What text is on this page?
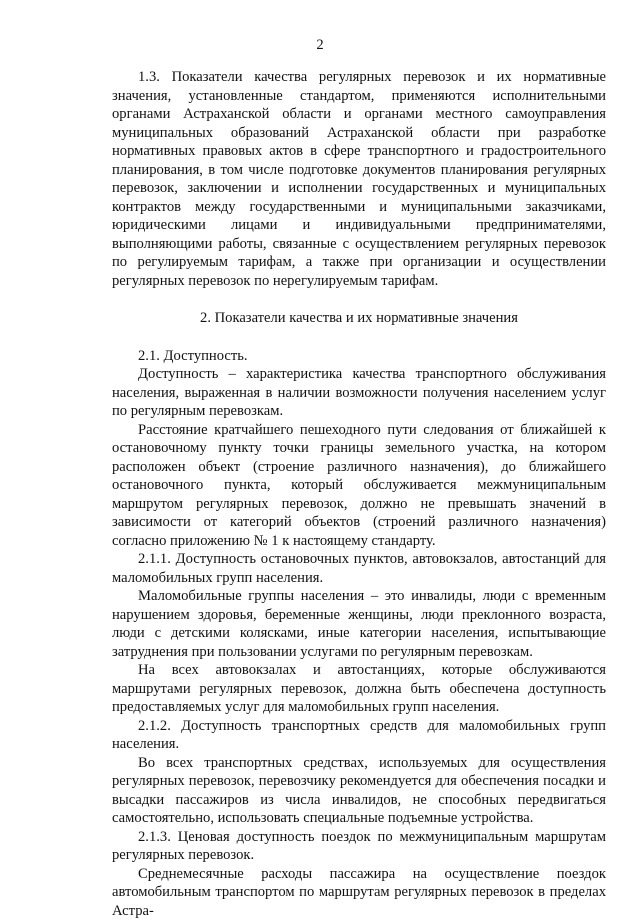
2

1.3. Показатели качества регулярных перевозок и их нормативные значения, установленные стандартом, применяются исполнительными органами Астраханской области и органами местного самоуправления муниципальных образований Астраханской области при разработке нормативных правовых актов в сфере транспортного и градостроительного планирования, в том числе подготовке документов планирования регулярных перевозок, заключении и исполнении государственных и муниципальных контрактов между государственными и муниципальными заказчиками, юридическими лицами и индивидуальными предпринимателями, выполняющими работы, связанные с осуществлением регулярных перевозок по регулируемым тарифам, а также при организации и осуществлении регулярных перевозок по нерегулируемым тарифам.

2. Показатели качества и их нормативные значения

2.1. Доступность.

Доступность – характеристика качества транспортного обслуживания населения, выраженная в наличии возможности получения населением услуг по регулярным перевозкам.

Расстояние кратчайшего пешеходного пути следования от ближайшей к остановочному пункту точки границы земельного участка, на котором расположен объект (строение различного назначения), до ближайшего остановочного пункта, который обслуживается межмуниципальным маршрутом регулярных перевозок, должно не превышать значений в зависимости от категорий объектов (строений различного назначения) согласно приложению № 1 к настоящему стандарту.

2.1.1. Доступность остановочных пунктов, автовокзалов, автостанций для маломобильных групп населения.

Маломобильные группы населения – это инвалиды, люди с временным нарушением здоровья, беременные женщины, люди преклонного возраста, люди с детскими колясками, иные категории населения, испытывающие затруднения при пользовании услугами по регулярным перевозкам.

На всех автовокзалах и автостанциях, которые обслуживаются маршрутами регулярных перевозок, должна быть обеспечена доступность предоставляемых услуг для маломобильных групп населения.

2.1.2. Доступность транспортных средств для маломобильных групп населения.

Во всех транспортных средствах, используемых для осуществления регулярных перевозок, перевозчику рекомендуется для обеспечения посадки и высадки пассажиров из числа инвалидов, не способных передвигаться самостоятельно, использовать специальные подъемные устройства.

2.1.3. Ценовая доступность поездок по межмуниципальным маршрутам регулярных перевозок.

Среднемесячные расходы пассажира на осуществление поездок автомобильным транспортом по маршрутам регулярных перевозок в пределах Астра-
